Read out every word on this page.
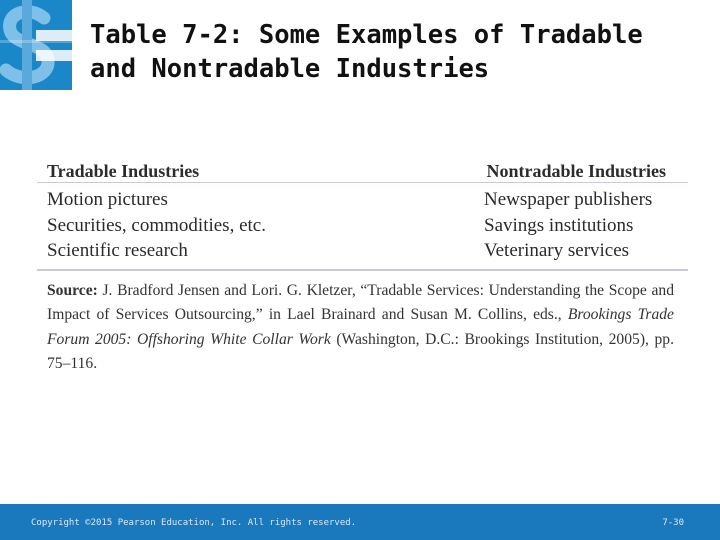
Table 7-2: Some Examples of Tradable
and Nontradable Industries
Tradable Industries	Nontradable Industries
Motion pictures
Securities, commodities, etc.
Scientific research
Newspaper publishers
Savings institutions
Veterinary services
Source: J. Bradford Jensen and Lori. G. Kletzer, “Tradable Services: Understanding the Scope and Impact of Services Outsourcing,” in Lael Brainard and Susan M. Collins, eds., Brookings Trade Forum 2005: Offshoring White Collar Work (Washington, D.C.: Brookings Institution, 2005), pp. 75–116.
Copyright ©2015 Pearson Education, Inc. All rights reserved.	7-30
